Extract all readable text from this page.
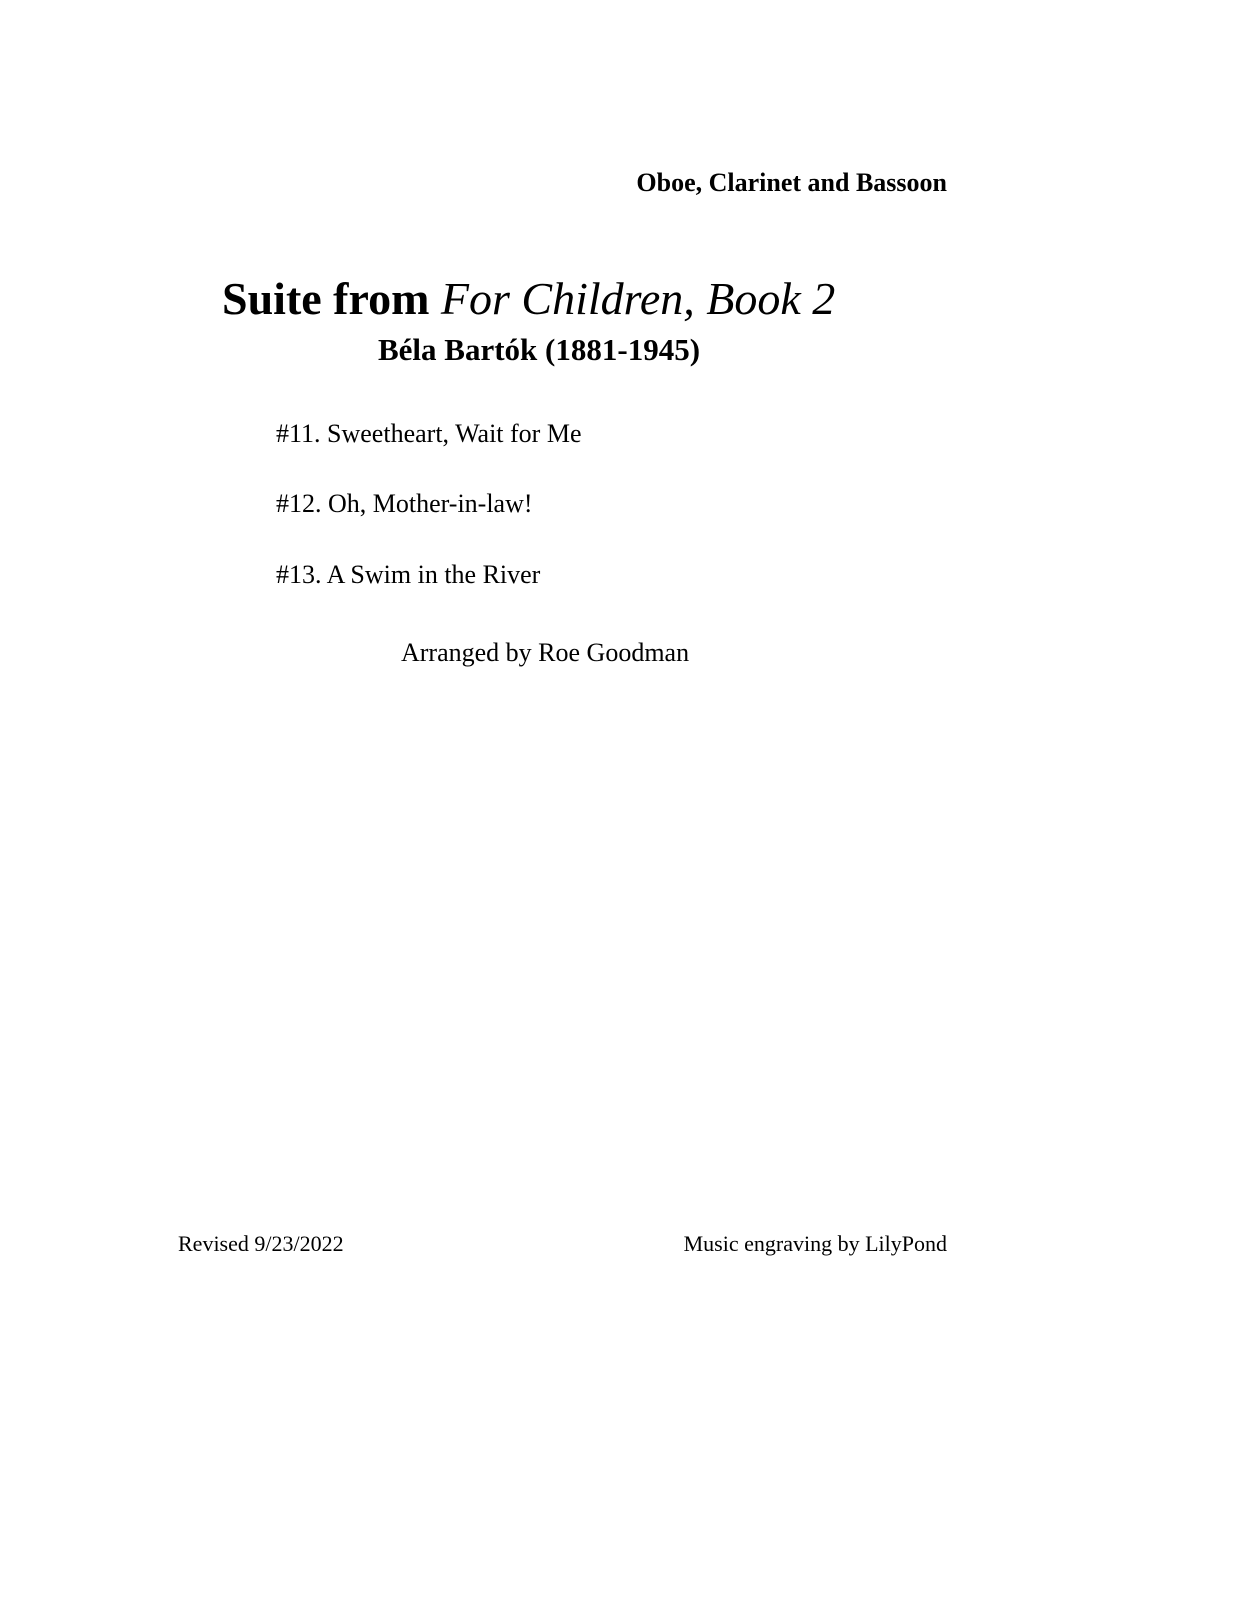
Oboe, Clarinet and Bassoon
Suite from For Children, Book 2
Béla Bartók (1881-1945)
#11. Sweetheart, Wait for Me
#12. Oh, Mother-in-law!
#13. A Swim in the River
Arranged by Roe Goodman
Revised 9/23/2022	Music engraving by LilyPond
